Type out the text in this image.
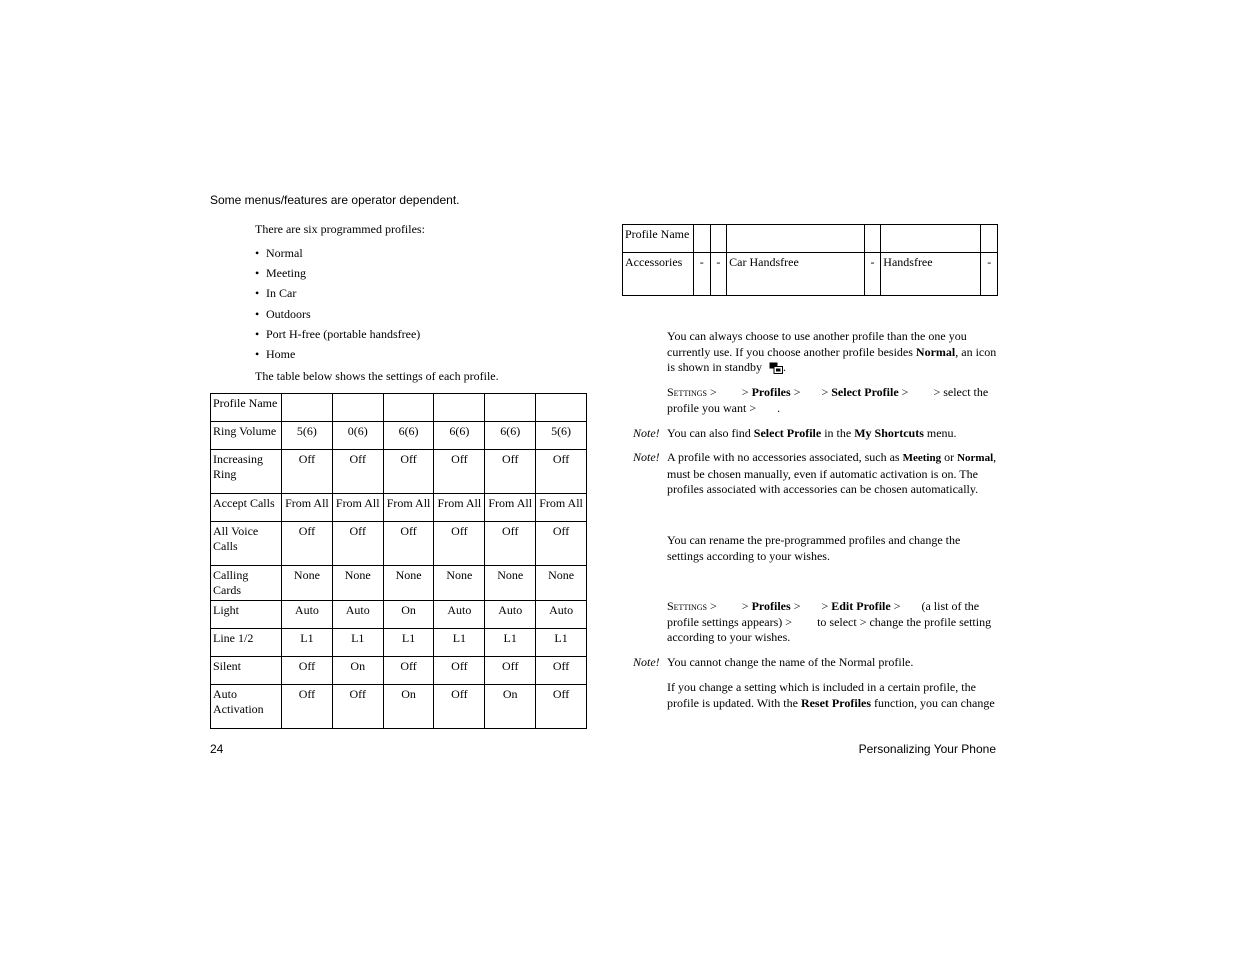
Some menus/features are operator dependent.

There are six programmed profiles:

• Normal
• Meeting
• In Car
• Outdoors
• Port H-free (portable handsfree)
• Home

The table below shows the settings of each profile.

Profile Name						
Ring Volume	5(6)	0(6)	6(6)	6(6)	6(6)	5(6)
Increasing Ring	Off	Off	Off	Off	Off	Off
Accept Calls	From All	From All	From All	From All	From All	From All
All Voice Calls	Off	Off	Off	Off	Off	Off
Calling Cards	None	None	None	None	None	None
Light	Auto	Auto	On	Auto	Auto	Auto
Line 1/2	L1	L1	L1	L1	L1	L1
Silent	Off	On	Off	Off	Off	Off
Auto Activation	Off	Off	On	Off	On	Off
Profile Name						
Accessories	-	-	Car Handsfree	-	Handsfree	-
You can always choose to use another profile than the one you currently use. If you choose another profile besides Normal, an icon is shown in standby .
Settings > > Profiles > > Select Profile > > select the profile you want > .
Note! You can also find Select Profile in the My Shortcuts menu.
Note! A profile with no accessories associated, such as Meeting or Normal, must be chosen manually, even if automatic activation is on. The profiles associated with accessories can be chosen automatically.

You can rename the pre-programmed profiles and change the settings according to your wishes.

Settings > > Profiles > > Edit Profile > (a list of the profile settings appears) > to select > change the profile setting according to your wishes.
Note! You cannot change the name of the Normal profile.

If you change a setting which is included in a certain profile, the profile is updated. With the Reset Profiles function, you can change
24	Personalizing Your Phone
